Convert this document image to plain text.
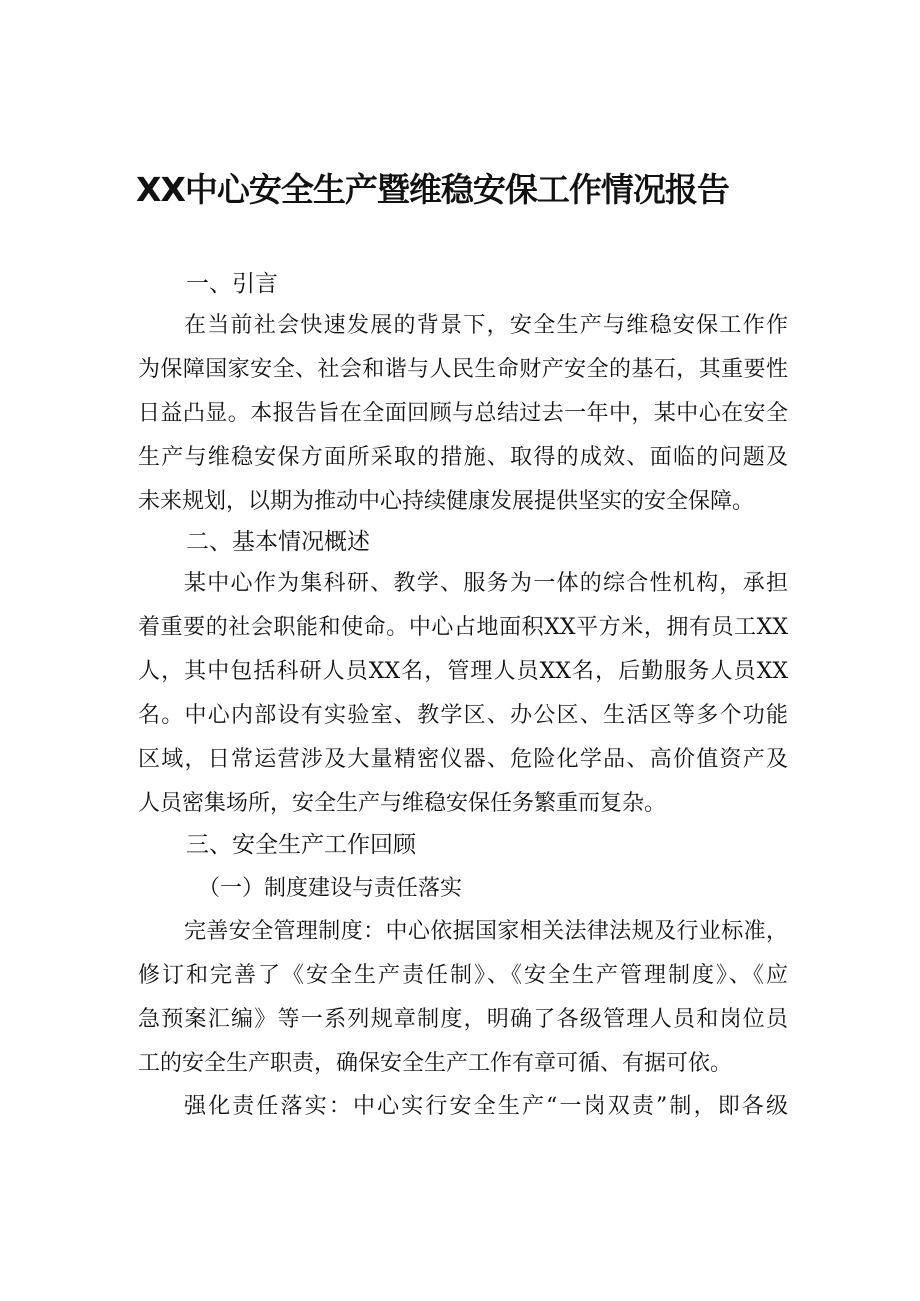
XX中心安全生产暨维稳安保工作情况报告
一、引言
在当前社会快速发展的背景下，安全生产与维稳安保工作作
为保障国家安全、社会和谐与人民生命财产安全的基石，其重要性
日益凸显。本报告旨在全面回顾与总结过去一年中，某中心在安全
生产与维稳安保方面所采取的措施、取得的成效、面临的问题及
未来规划，以期为推动中心持续健康发展提供坚实的安全保障。
二、基本情况概述
某中心作为集科研、教学、服务为一体的综合性机构，承担
着重要的社会职能和使命。中心占地面积XX平方米，拥有员工XX
人，其中包括科研人员XX名，管理人员XX名，后勤服务人员XX
名。中心内部设有实验室、教学区、办公区、生活区等多个功能
区域，日常运营涉及大量精密仪器、危险化学品、高价值资产及
人员密集场所，安全生产与维稳安保任务繁重而复杂。
三、安全生产工作回顾
（一）制度建设与责任落实
完善安全管理制度：中心依据国家相关法律法规及行业标准，
修订和完善了《安全生产责任制》、《安全生产管理制度》、《应
急预案汇编》等一系列规章制度，明确了各级管理人员和岗位员
工的安全生产职责，确保安全生产工作有章可循、有据可依。
强化责任落实：中心实行安全生产“一岗双责”制，即各级
